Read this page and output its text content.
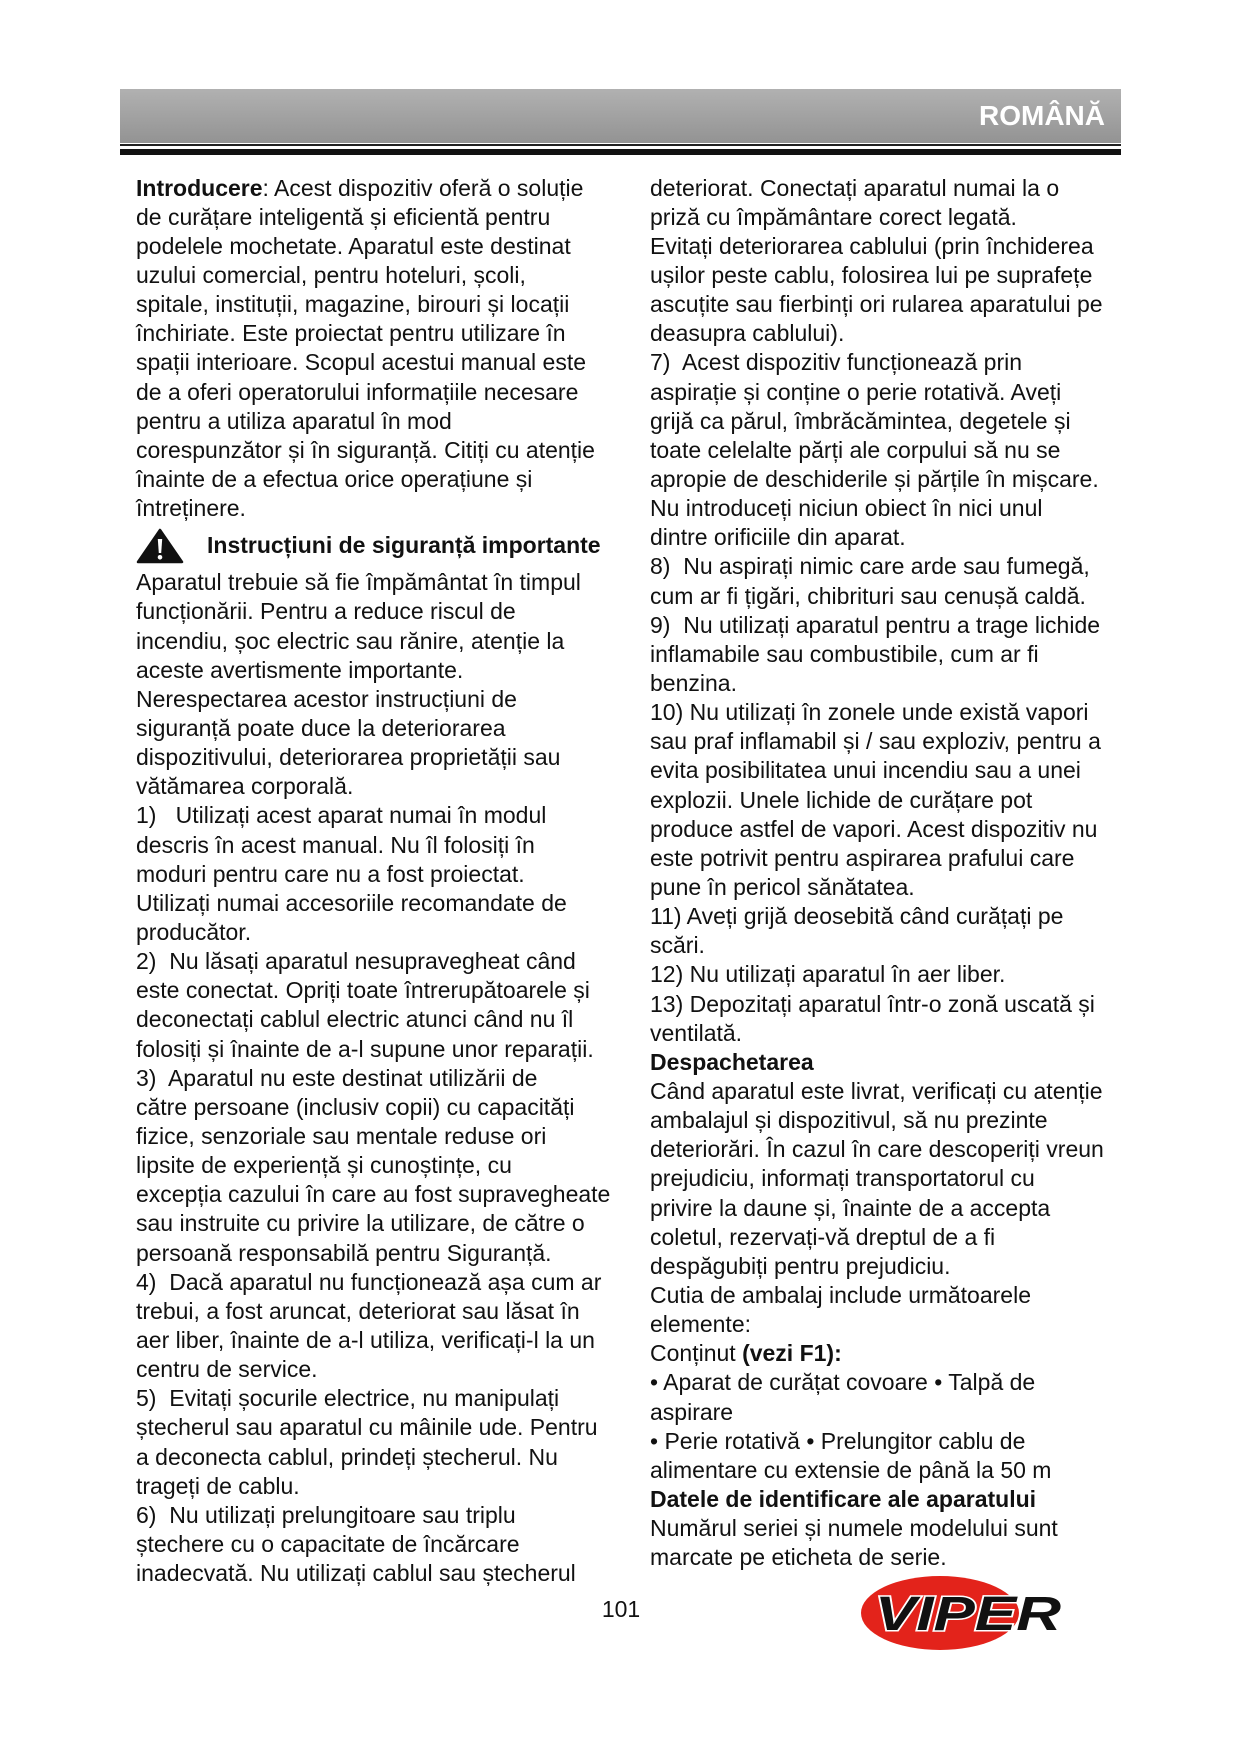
ROMÂNĂ
Introducere: Acest dispozitiv oferă o soluție
de curățare inteligentă și eficientă pentru
podelele mochetate. Aparatul este destinat
uzului comercial, pentru hoteluri, școli,
spitale, instituții, magazine, birouri și locații
închiriate. Este proiectat pentru utilizare în
spații interioare. Scopul acestui manual este
de a oferi operatorului informațiile necesare
pentru a utiliza aparatul în mod
corespunzător și în siguranță. Citiți cu atenție
înainte de a efectua orice operațiune și
întreținere.
Instrucțiuni de siguranță importante
Aparatul trebuie să fie împământat în timpul
funcționării. Pentru a reduce riscul de
incendiu, șoc electric sau rănire, atenție la
aceste avertismente importante.
Nerespectarea acestor instrucțiuni de
siguranță poate duce la deteriorarea
dispozitivului, deteriorarea proprietății sau
vătămarea corporală.
1)   Utilizați acest aparat numai în modul
descris în acest manual. Nu îl folosiți în
moduri pentru care nu a fost proiectat.
Utilizați numai accesoriile recomandate de
producător.
2)  Nu lăsați aparatul nesupravegheat când
este conectat. Opriți toate întrerupătoarele și
deconectați cablul electric atunci când nu îl
folosiți și înainte de a-l supune unor reparații.
3)  Aparatul nu este destinat utilizării de
către persoane (inclusiv copii) cu capacități
fizice, senzoriale sau mentale reduse ori
lipsite de experiență și cunoștințe, cu
excepția cazului în care au fost supravegheate
sau instruite cu privire la utilizare, de către o
persoană responsabilă pentru Siguranță.
4)  Dacă aparatul nu funcționează așa cum ar
trebui, a fost aruncat, deteriorat sau lăsat în
aer liber, înainte de a-l utiliza, verificați-l la un
centru de service.
5)  Evitați șocurile electrice, nu manipulați
ștecherul sau aparatul cu mâinile ude. Pentru
a deconecta cablul, prindeți ștecherul. Nu
trageți de cablu.
6)  Nu utilizați prelungitoare sau triplu
ștechere cu o capacitate de încărcare
inadecvată. Nu utilizați cablul sau ștecherul
deteriorat. Conectați aparatul numai la o
priză cu împământare corect legată.
Evitați deteriorarea cablului (prin închiderea
ușilor peste cablu, folosirea lui pe suprafețe
ascuțite sau fierbinți ori rularea aparatului pe
deasupra cablului).
7)  Acest dispozitiv funcționează prin
aspirație și conține o perie rotativă. Aveți
grijă ca părul, îmbrăcămintea, degetele și
toate celelalte părți ale corpului să nu se
apropie de deschiderile și părțile în mișcare.
Nu introduceți niciun obiect în nici unul
dintre orificiile din aparat.
8)  Nu aspirați nimic care arde sau fumegă,
cum ar fi țigări, chibrituri sau cenușă caldă.
9)  Nu utilizați aparatul pentru a trage lichide
inflamabile sau combustibile, cum ar fi
benzina.
10) Nu utilizați în zonele unde există vapori
sau praf inflamabil și / sau exploziv, pentru a
evita posibilitatea unui incendiu sau a unei
explozii. Unele lichide de curățare pot
produce astfel de vapori. Acest dispozitiv nu
este potrivit pentru aspirarea prafului care
pune în pericol sănătatea.
11) Aveți grijă deosebită când curățați pe
scări.
12) Nu utilizați aparatul în aer liber.
13) Depozitați aparatul într-o zonă uscată și
ventilată.
Despachetarea
Când aparatul este livrat, verificați cu atenție
ambalajul și dispozitivul, să nu prezinte
deteriorări. În cazul în care descoperiți vreun
prejudiciu, informați transportatorul cu
privire la daune și, înainte de a accepta
coletul, rezervați-vă dreptul de a fi
despăgubiți pentru prejudiciu.
Cutia de ambalaj include următoarele
elemente:
Conținut (vezi F1):
• Aparat de curățat covoare • Talpă de
aspirare
• Perie rotativă • Prelungitor cablu de
alimentare cu extensie de până la 50 m
Datele de identificare ale aparatului
Numărul seriei și numele modelului sunt
marcate pe eticheta de serie.
101	VIPER
